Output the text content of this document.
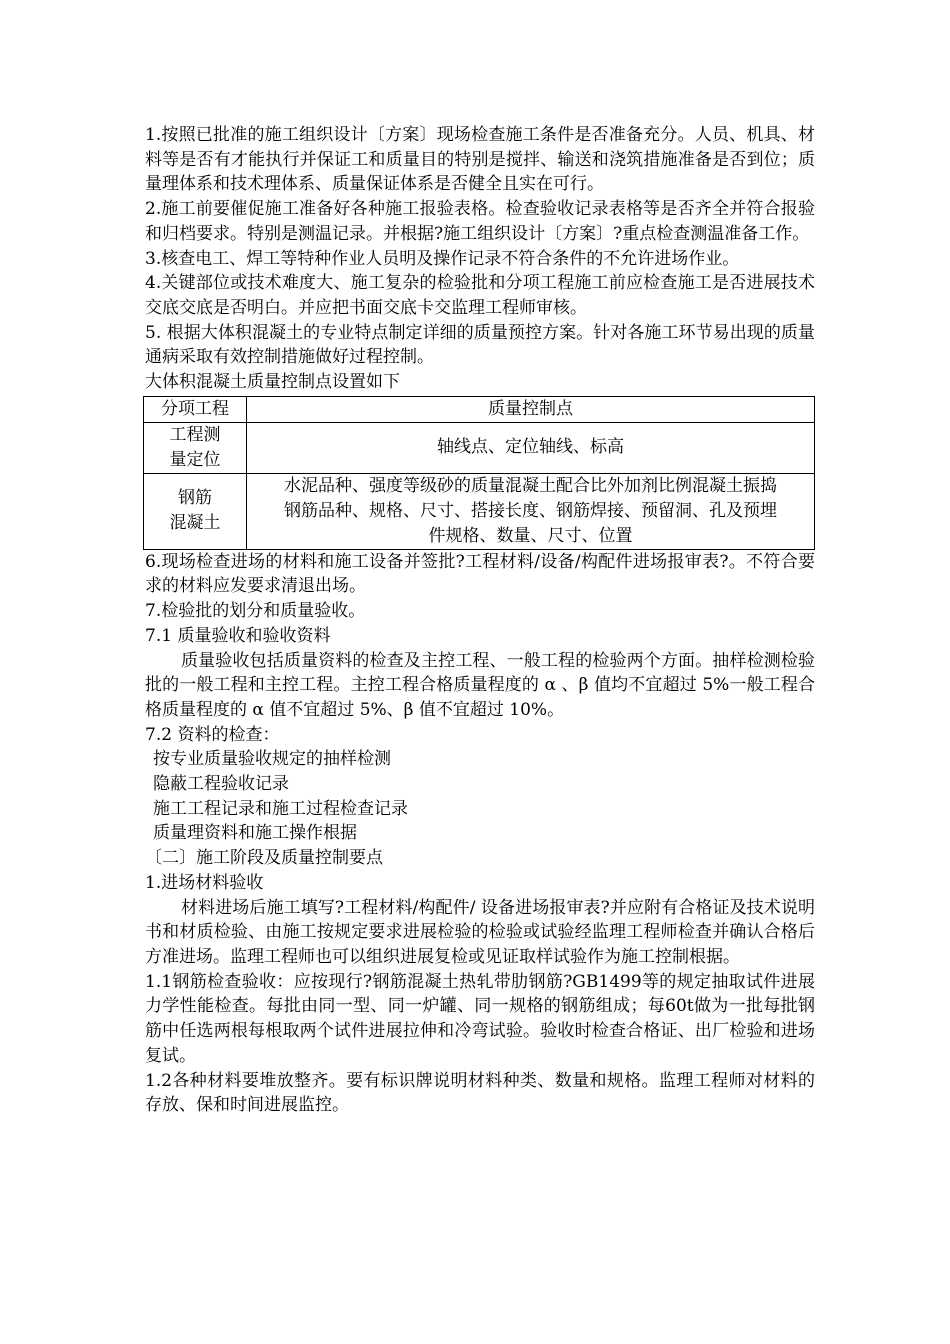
1.按照已批准的施工组织设计〔方案〕现场检查施工条件是否准备充分。人员、机具、材料等是否有才能执行并保证工和质量目的特别是搅拌、输送和浇筑措施准备是否到位；质量理体系和技术理体系、质量保证体系是否健全且实在可行。

2.施工前要催促施工准备好各种施工报验表格。检查验收记录表格等是否齐全并符合报验和归档要求。特别是测温记录。并根据?施工组织设计〔方案〕?重点检查测温准备工作。

3.核查电工、焊工等特种作业人员明及操作记录不符合条件的不允许进场作业。

4.关键部位或技术难度大、施工复杂的检验批和分项工程施工前应检查施工是否进展技术交底交底是否明白。并应把书面交底卡交监理工程师审核。

5. 根据大体积混凝土的专业特点制定详细的质量预控方案。针对各施工环节易出现的质量通病采取有效控制措施做好过程控制。

大体积混凝土质量控制点设置如下

分项工程	质量控制点

工程测
量定位	轴线点、定位轴线、标高

钢筋
混凝土	水泥品种、强度等级砂的质量混凝土配合比外加剂比例混凝土振捣
钢筋品种、规格、尺寸、搭接长度、钢筋焊接、预留洞、孔及预埋
件规格、数量、尺寸、位置

6.现场检查进场的材料和施工设备并签批?工程材料/设备/构配件进场报审表?。不符合要求的材料应发要求清退出场。

7.检验批的划分和质量验收。

7.1 质量验收和验收资料

质量验收包括质量资料的检查及主控工程、一般工程的检验两个方面。抽样检测检验批的一般工程和主控工程。主控工程合格质量程度的 α 、β 值均不宜超过 5%一般工程合格质量程度的 α 值不宜超过 5%、β 值不宜超过 10%。

7.2 资料的检查：

按专业质量验收规定的抽样检测

隐蔽工程验收记录

施工工程记录和施工过程检查记录

质量理资料和施工操作根据

〔二〕施工阶段及质量控制要点

1.进场材料验收

材料进场后施工填写?工程材料/构配件/ 设备进场报审表?并应附有合格证及技术说明书和材质检验、由施工按规定要求进展检验的检验或试验经监理工程师检查并确认合格后方准进场。监理工程师也可以组织进展复检或见证取样试验作为施工控制根据。

1.1钢筋检查验收：应按现行?钢筋混凝土热轧带肋钢筋?GB1499等的规定抽取试件进展力学性能检查。每批由同一型、同一炉罐、同一规格的钢筋组成；每60t做为一批每批钢筋中任选两根每根取两个试件进展拉伸和冷弯试验。验收时检查合格证、出厂检验和进场复试。

1.2各种材料要堆放整齐。要有标识牌说明材料种类、数量和规格。监理工程师对材料的存放、保和时间进展监控。
